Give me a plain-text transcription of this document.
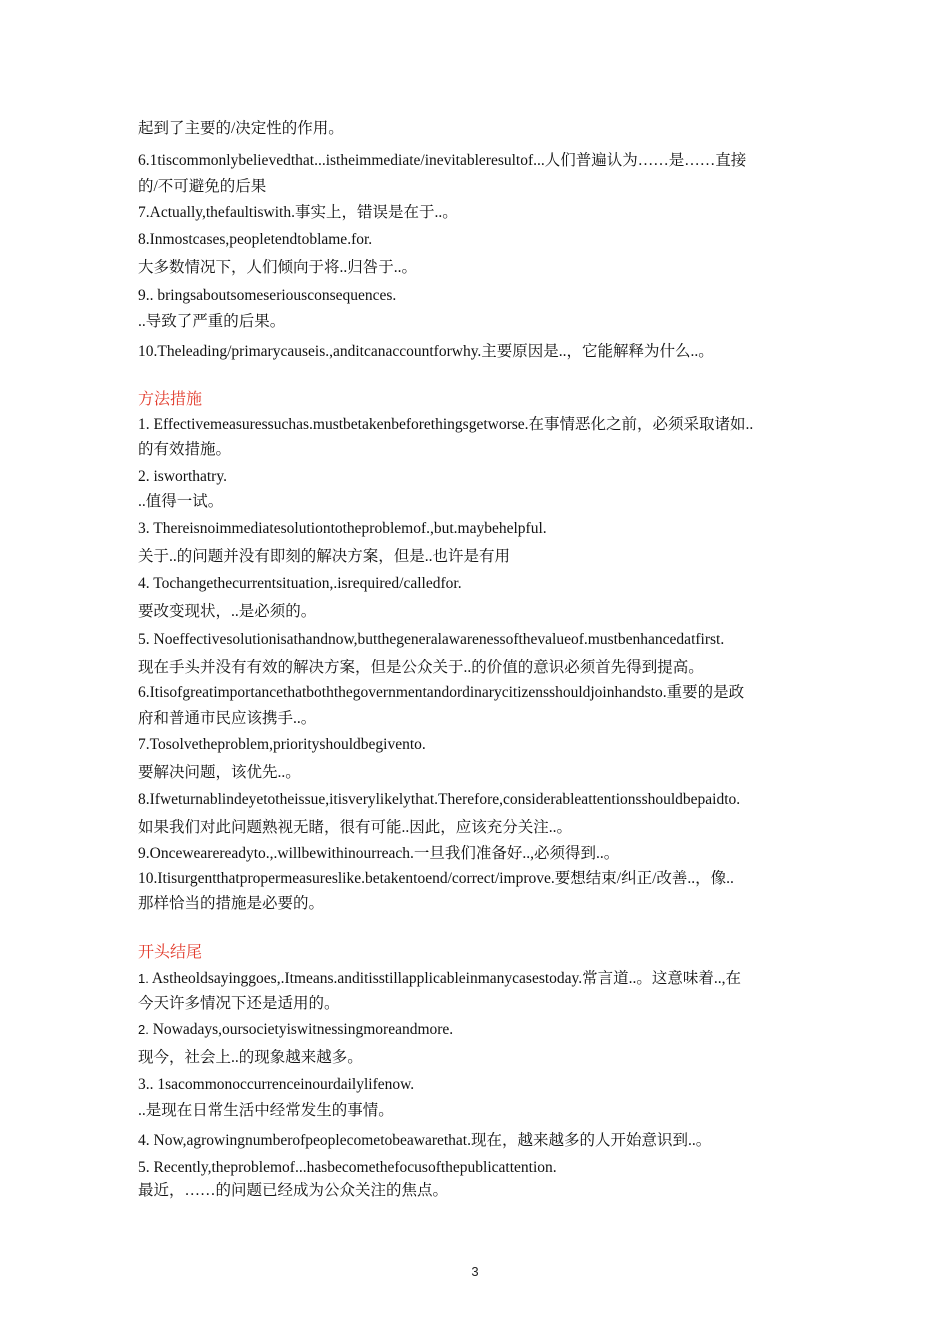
起到了主要的/决定性的作用。
6.1tiscommonlybelievedthat...istheimmediate/inevitableresultof...人们普遍认为……是……直接
的/不可避免的后果
7.Actually,thefaultiswith.事实上，错误是在于..。
8.Inmostcases,peopletendtoblame.for.
大多数情况下，人们倾向于将..归咎于..。
9.. bringsaboutsomeseriousconsequences.
..导致了严重的后果。
10.Theleading/primarycauseis.,anditcanaccountforwhy.主要原因是..，它能解释为什么..。
方法措施
1. Effectivemeasuressuchas.mustbetakenbeforethingsgetworse.在事情恶化之前，必须采取诸如..
的有效措施。
2. isworthatry.
..值得一试。
3. Thereisnoimmediatesolutiontotheproblemof.,but.maybehelpful.
关于..的问题并没有即刻的解决方案，但是..也许是有用
4. Tochangethecurrentsituation,.isrequired/calledfor.
要改变现状，..是必须的。
5. Noeffectivesolutionisathandnow,butthegeneralawarenessofthevalueof.mustbenhancedatfirst.
现在手头并没有有效的解决方案，但是公众关于..的价值的意识必须首先得到提高。
6.Itisofgreatimportancethatboththegovernmentandordinarycitizensshouldjoinhandsto.重要的是政
府和普通市民应该携手..。
7.Tosolvetheproblem,priorityshouldbegivento.
要解决问题，该优先..。
8.Ifweturnablindeyetotheissue,itisverylikelythat.Therefore,considerableattentionsshouldbepaidto.
如果我们对此问题熟视无睹，很有可能..因此，应该充分关注..。
9.Oncewearereadyto.,.willbewithinourreach.一旦我们准备好..,必须得到..。
10.Itisurgentthatpropermeasureslike.betakentoend/correct/improve.要想结束/纠正/改善..，像..
那样恰当的措施是必要的。
开头结尾
1. Astheoldsayinggoes,.Itmeans.anditisstillapplicableinmanycasestoday.常言道..。这意味着..,在
今天许多情况下还是适用的。
2. Nowadays,oursocietyiswitnessingmoreandmore.
现今，社会上..的现象越来越多。
3.. 1sacommonoccurrenceinourdailylifenow.
..是现在日常生活中经常发生的事情。
4. Now,agrowingnumberofpeoplecometobeawarethat.现在，越来越多的人开始意识到..。
5. Recently,theproblemof...hasbecomethefocusofthepublicattention.
最近，……的问题已经成为公众关注的焦点。
3
